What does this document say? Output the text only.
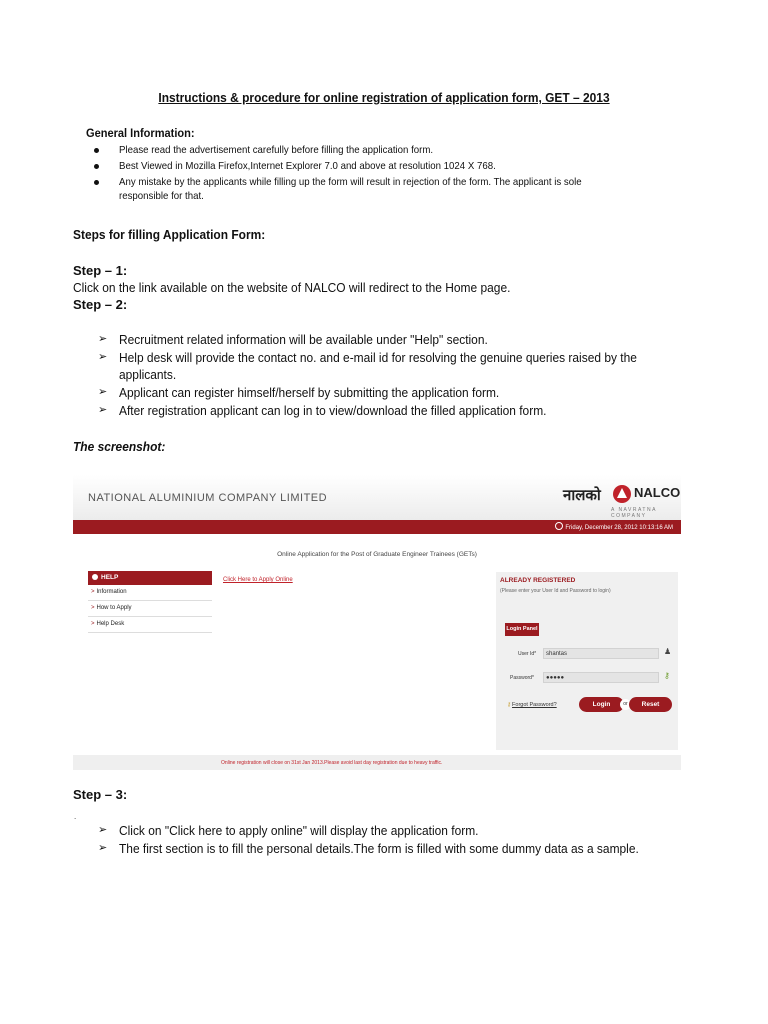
Instructions & procedure for online registration of application form, GET – 2013
General Information:
Please read the advertisement carefully before filling the application form.
Best Viewed in Mozilla Firefox,Internet Explorer 7.0 and above at resolution 1024 X 768.
Any mistake by the applicants while filling up the form will result in rejection of the form. The applicant is sole
responsible for that.
Steps for filling Application Form:
Step – 1:
Click on the link available on the website of NALCO will redirect to the Home page.
Step – 2:
➢ Recruitment related information will be available under "Help" section.
➢ Help desk will provide the contact no. and e-mail id for resolving the genuine queries raised by the
applicants.
➢ Applicant can register himself/herself by submitting the application form.
➢ After registration applicant can log in to view/download the filled application form.
The screenshot:
NATIONAL ALUMINIUM COMPANY LIMITED	नालको	NALCO
A NAVRATNA COMPANY
Friday, December 28, 2012 10:13:16 AM
Online Application for the Post of Graduate Engineer Trainees (GETs)
HELP
> Information
> How to Apply
> Help Desk
Click Here to Apply Online	ALREADY REGISTERED
(Please enter your User Id and Password to login)
Login Panel
User Id*	shantas	♟
Password*	●●●●●	⚷
⚷Forgot Password?	Login	or	Reset
Online registration will close on 31st Jan 2013.Please avoid last day registration due to heavy traffic.
Step – 3:
.
➢ Click on "Click here to apply online" will display the application form.
➢ The first section is to fill the personal details.The form is filled with some dummy data as a sample.
